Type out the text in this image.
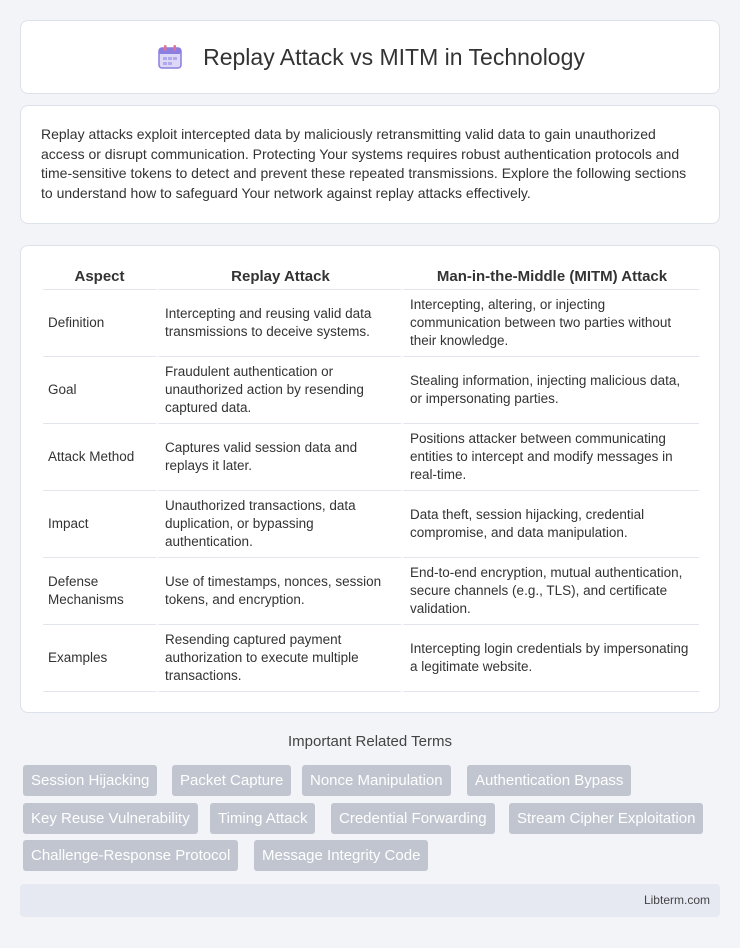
Replay Attack vs MITM in Technology

Replay attacks exploit intercepted data by maliciously retransmitting valid data to gain unauthorized access or disrupt communication. Protecting Your systems requires robust authentication protocols and time-sensitive tokens to detect and prevent these repeated transmissions. Explore the following sections to understand how to safeguard Your network against replay attacks effectively.

Aspect	Replay Attack	Man-in-the-Middle (MITM) Attack
Definition	Intercepting and reusing valid data transmissions to deceive systems.	Intercepting, altering, or injecting communication between two parties without their knowledge.
Goal	Fraudulent authentication or unauthorized action by resending captured data.	Stealing information, injecting malicious data, or impersonating parties.
Attack Method	Captures valid session data and replays it later.	Positions attacker between communicating entities to intercept and modify messages in real-time.
Impact	Unauthorized transactions, data duplication, or bypassing authentication.	Data theft, session hijacking, credential compromise, and data manipulation.
Defense Mechanisms	Use of timestamps, nonces, session tokens, and encryption.	End-to-end encryption, mutual authentication, secure channels (e.g., TLS), and certificate validation.
Examples	Resending captured payment authorization to execute multiple transactions.	Intercepting login credentials by impersonating a legitimate website.
Important Related Terms
Session Hijacking	Packet Capture	Nonce Manipulation	Authentication Bypass
Key Reuse Vulnerability	Timing Attack	Credential Forwarding	Stream Cipher Exploitation
Challenge-Response Protocol	Message Integrity Code
Libterm.com
